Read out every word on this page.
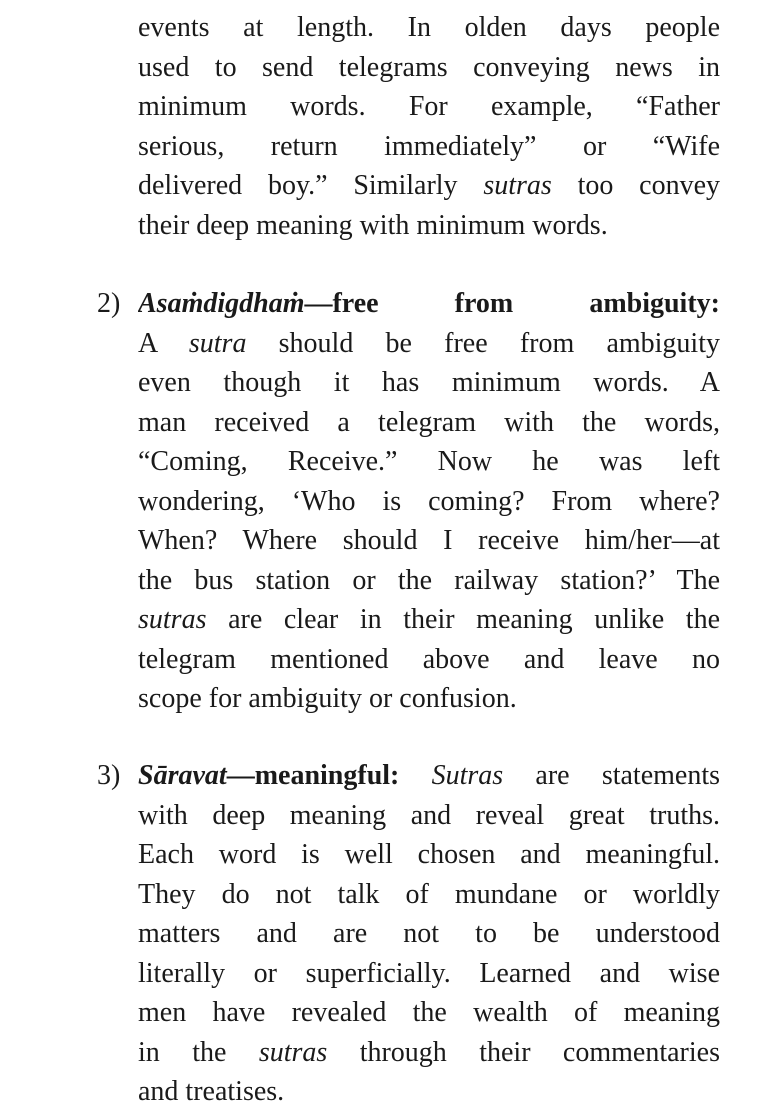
events at length. In olden days people
used to send telegrams conveying news in
minimum words. For example, “Father
serious, return immediately” or “Wife
delivered boy.” Similarly sutras too convey
their deep meaning with minimum words.
2) Asaṁdigdhaṁ—free from ambiguity:
A sutra should be free from ambiguity
even though it has minimum words. A
man received a telegram with the words,
“Coming, Receive.” Now he was left
wondering, ‘Who is coming? From where?
When? Where should I receive him/her—at
the bus station or the railway station?’ The
sutras are clear in their meaning unlike the
telegram mentioned above and leave no
scope for ambiguity or confusion.
3) Sāravat—meaningful: Sutras are statements
with deep meaning and reveal great truths.
Each word is well chosen and meaningful.
They do not talk of mundane or worldly
matters and are not to be understood
literally or superficially. Learned and wise
men have revealed the wealth of meaning
in the sutras through their commentaries
and treatises.
